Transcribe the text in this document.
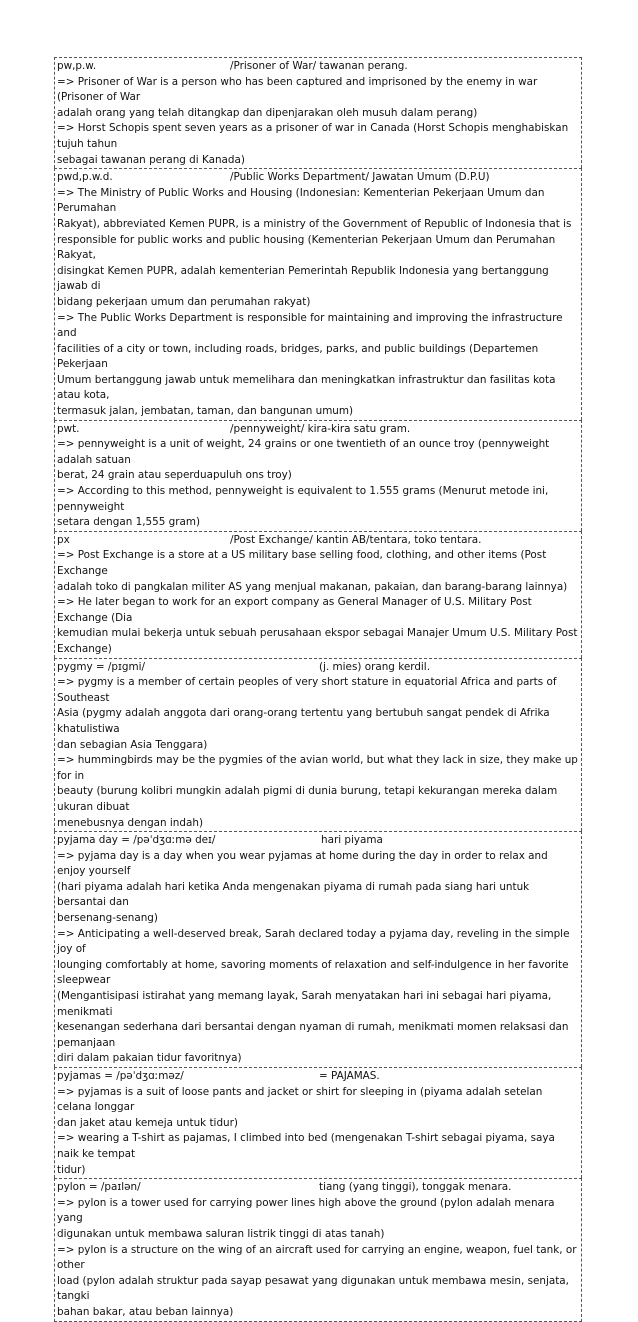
pw,p.w.	/Prisoner of War/ tawanan perang.
=> Prisoner of War is a person who has been captured and imprisoned by the enemy in war (Prisoner of War
adalah orang yang telah ditangkap dan dipenjarakan oleh musuh dalam perang)
=> Horst Schopis spent seven years as a prisoner of war in Canada (Horst Schopis menghabiskan tujuh tahun
sebagai tawanan perang di Kanada)
pwd,p.w.d.	/Public Works Department/ Jawatan Umum (D.P.U)
=> The Ministry of Public Works and Housing (Indonesian: Kementerian Pekerjaan Umum dan Perumahan
Rakyat), abbreviated Kemen PUPR, is a ministry of the Government of Republic of Indonesia that is
responsible for public works and public housing (Kementerian Pekerjaan Umum dan Perumahan Rakyat,
disingkat Kemen PUPR, adalah kementerian Pemerintah Republik Indonesia yang bertanggung jawab di
bidang pekerjaan umum dan perumahan rakyat)
=> The Public Works Department is responsible for maintaining and improving the infrastructure and
facilities of a city or town, including roads, bridges, parks, and public buildings (Departemen Pekerjaan
Umum bertanggung jawab untuk memelihara dan meningkatkan infrastruktur dan fasilitas kota atau kota,
termasuk jalan, jembatan, taman, dan bangunan umum)
pwt.	/pennyweight/ kira-kira satu gram.
=> pennyweight is a unit of weight, 24 grains or one twentieth of an ounce troy (pennyweight adalah satuan
berat, 24 grain atau seperduapuluh ons troy)
=> According to this method, pennyweight is equivalent to 1.555 grams (Menurut metode ini, pennyweight
setara dengan 1,555 gram)
px	/Post Exchange/ kantin AB/tentara, toko tentara.
=> Post Exchange is a store at a US military base selling food, clothing, and other items (Post Exchange
adalah toko di pangkalan militer AS yang menjual makanan, pakaian, dan barang-barang lainnya)
=> He later began to work for an export company as General Manager of U.S. Military Post Exchange (Dia
kemudian mulai bekerja untuk sebuah perusahaan ekspor sebagai Manajer Umum U.S. Military Post
Exchange)
pygmy = /pɪgmi/	(j. mies) orang kerdil.
=> pygmy is a member of certain peoples of very short stature in equatorial Africa and parts of Southeast
Asia (pygmy adalah anggota dari orang-orang tertentu yang bertubuh sangat pendek di Afrika khatulistiwa
dan sebagian Asia Tenggara)
=> hummingbirds may be the pygmies of the avian world, but what they lack in size, they make up for in
beauty (burung kolibri mungkin adalah pigmi di dunia burung, tetapi kekurangan mereka dalam ukuran dibuat
menebusnya dengan indah)
pyjama day = /pəˈdʒɑːmə deɪ/	hari piyama
=> pyjama day is a day when you wear pyjamas at home during the day in order to relax and enjoy yourself
(hari piyama adalah hari ketika Anda mengenakan piyama di rumah pada siang hari untuk bersantai dan
bersenang-senang)
=> Anticipating a well-deserved break, Sarah declared today a pyjama day, reveling in the simple joy of
lounging comfortably at home, savoring moments of relaxation and self-indulgence in her favorite sleepwear
(Mengantisipasi istirahat yang memang layak, Sarah menyatakan hari ini sebagai hari piyama, menikmati
kesenangan sederhana dari bersantai dengan nyaman di rumah, menikmati momen relaksasi dan pemanjaan
diri dalam pakaian tidur favoritnya)
pyjamas = /pəˈdʒɑːməz/	= PAJAMAS.
=> pyjamas is a suit of loose pants and jacket or shirt for sleeping in (piyama adalah setelan celana longgar
dan jaket atau kemeja untuk tidur)
=> wearing a T-shirt as pajamas, I climbed into bed (mengenakan T-shirt sebagai piyama, saya naik ke tempat
tidur)
pylon = /paɪlən/	tiang (yang tinggi), tonggak menara.
=> pylon is a tower used for carrying power lines high above the ground (pylon adalah menara yang
digunakan untuk membawa saluran listrik tinggi di atas tanah)
=> pylon is a structure on the wing of an aircraft used for carrying an engine, weapon, fuel tank, or other
load (pylon adalah struktur pada sayap pesawat yang digunakan untuk membawa mesin, senjata, tangki
bahan bakar, atau beban lainnya)
